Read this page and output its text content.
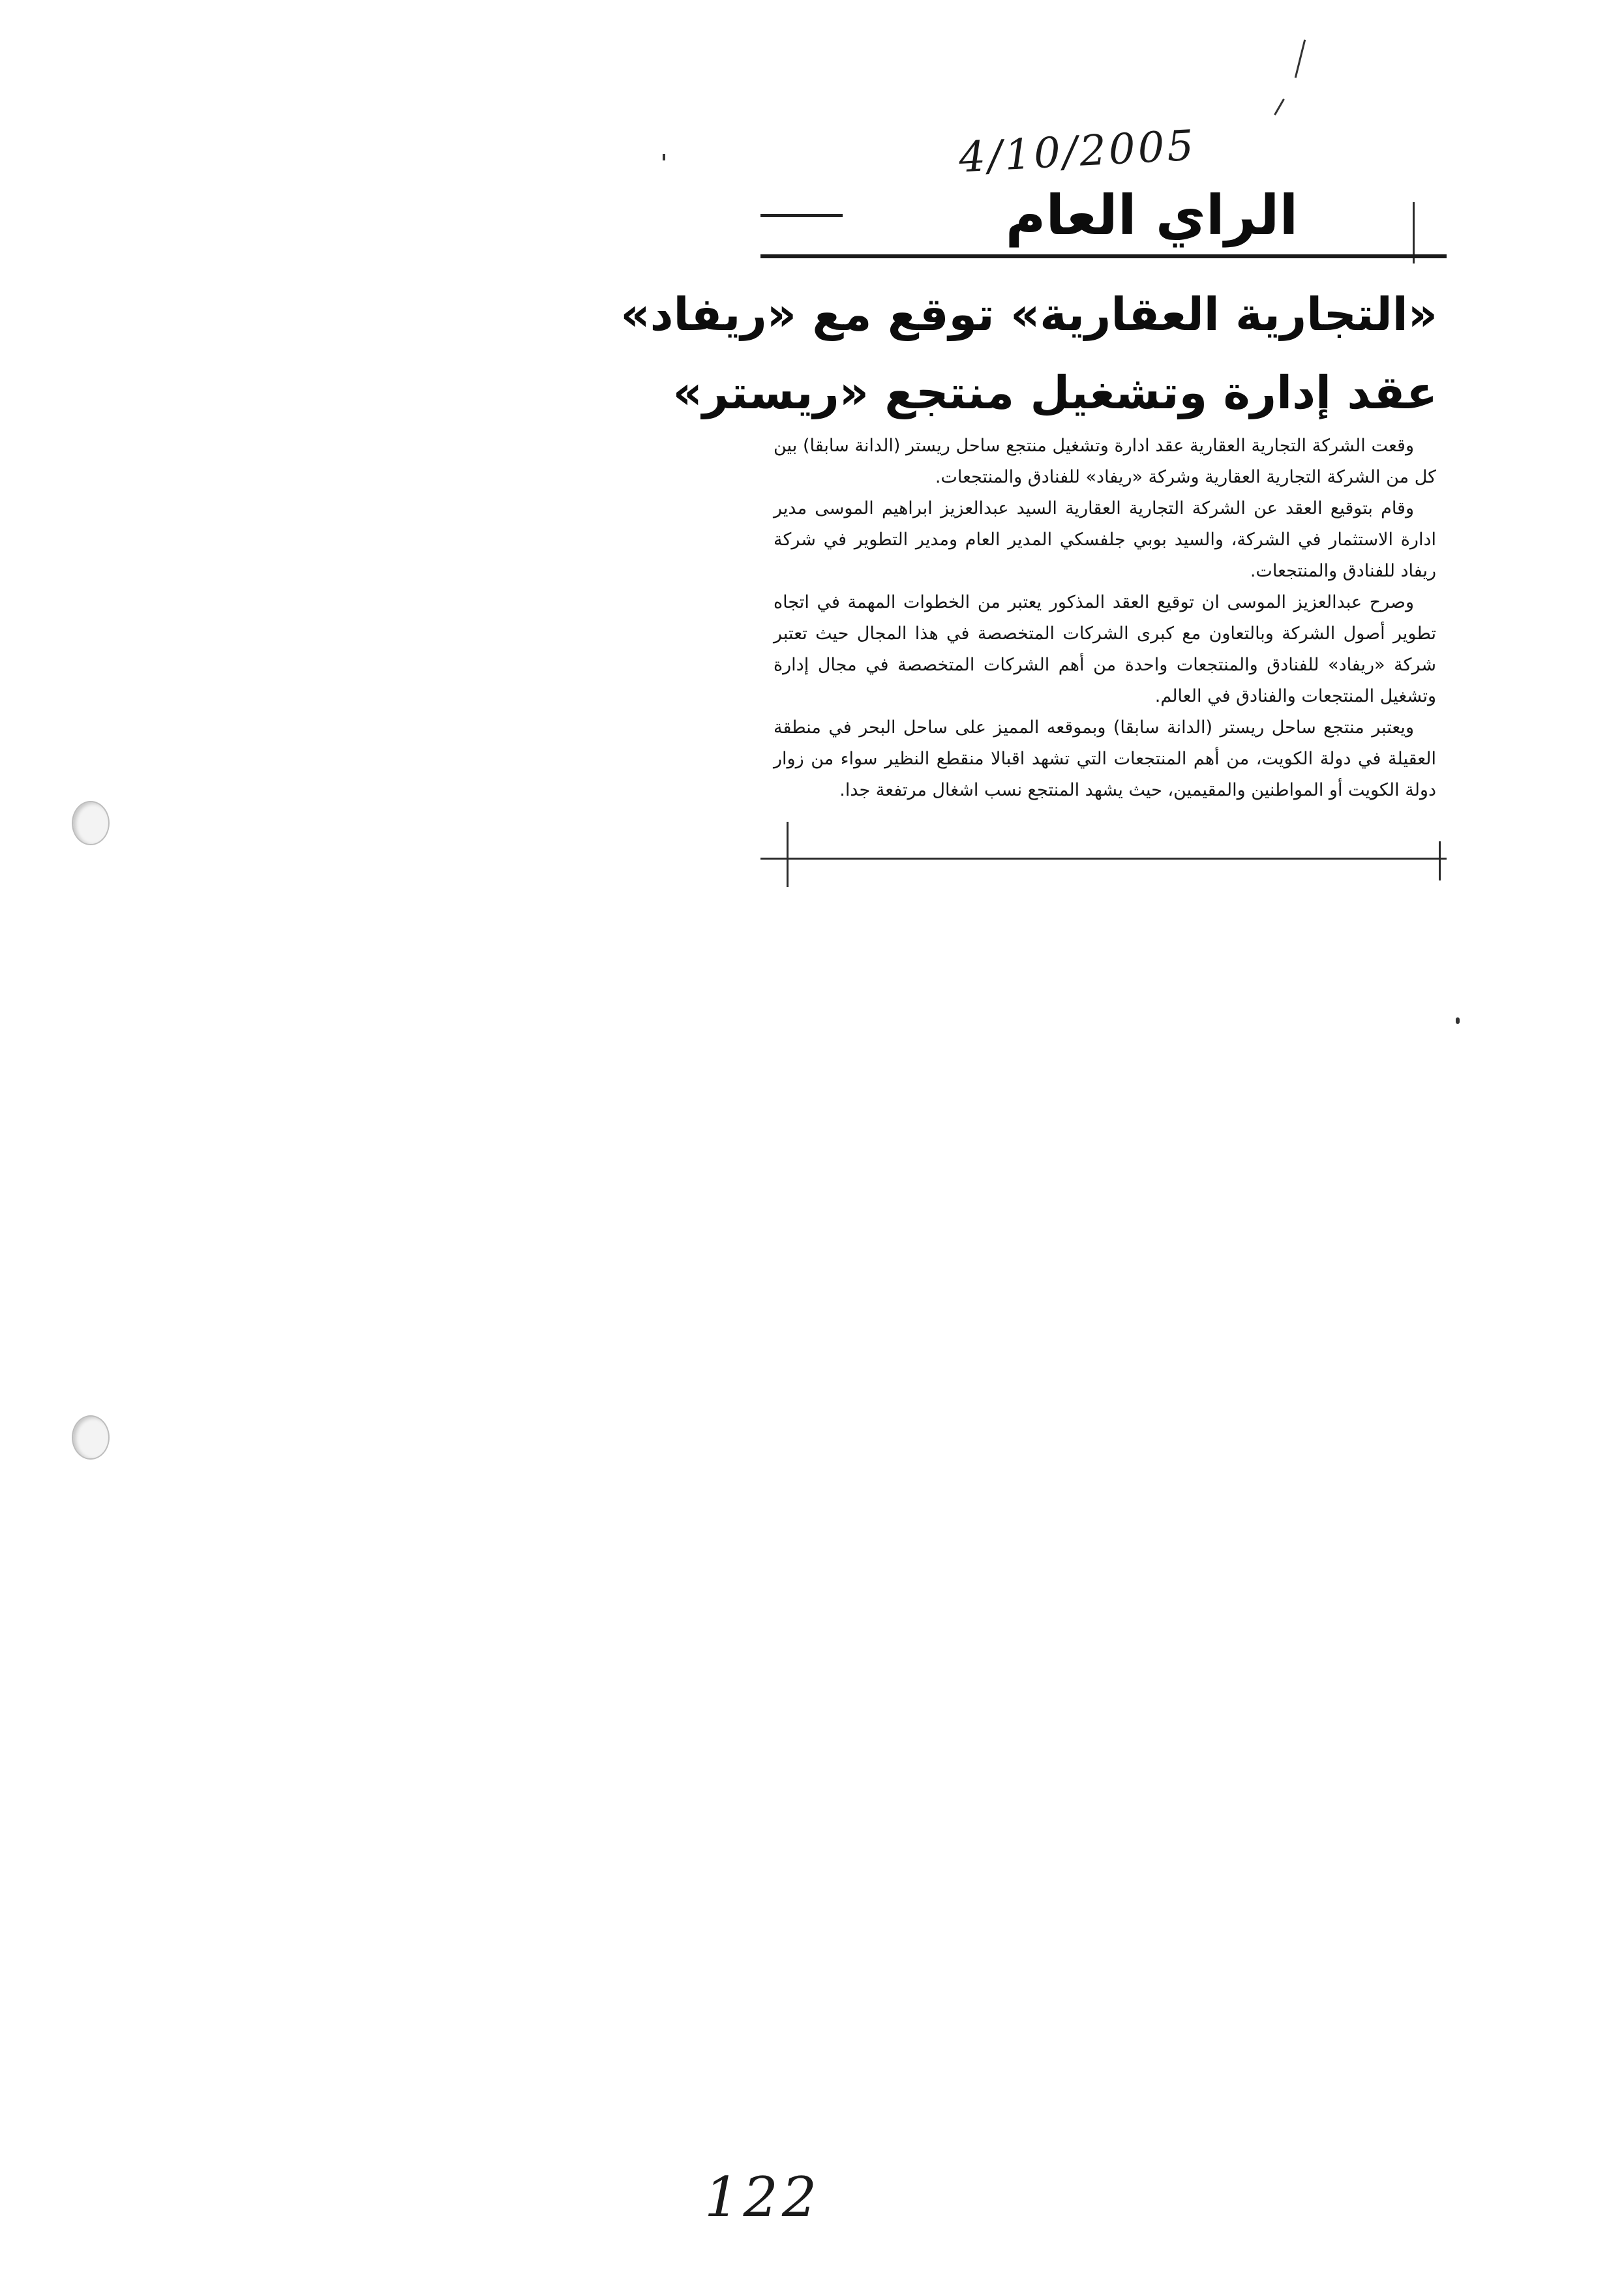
4/10/2005
الراي العام
«التجارية العقارية» توقع مع «ريفاد»
عقد إدارة وتشغيل منتجع «ريستر»

وقعت الشركة التجارية العقارية عقد ادارة وتشغيل منتجع ساحل ريستر (الدانة سابقا) بين كل من الشركة التجارية العقارية وشركة «ريفاد» للفنادق والمنتجعات.

وقام بتوقيع العقد عن الشركة التجارية العقارية السيد عبدالعزيز ابراهيم الموسى مدير ادارة الاستثمار في الشركة، والسيد بوبي جلفسكي المدير العام ومدير التطوير في شركة ريفاد للفنادق والمنتجعات.

وصرح عبدالعزيز الموسى ان توقيع العقد المذكور يعتبر من الخطوات المهمة في اتجاه تطوير أصول الشركة وبالتعاون مع كبرى الشركات المتخصصة في هذا المجال حيث تعتبر شركة «ريفاد» للفنادق والمنتجعات واحدة من أهم الشركات المتخصصة في مجال إدارة وتشغيل المنتجعات والفنادق في العالم.

ويعتبر منتجع ساحل ريستر (الدانة سابقا) وبموقعه المميز على ساحل البحر في منطقة العقيلة في دولة الكويت، من أهم المنتجعات التي تشهد اقبالا منقطع النظير سواء من زوار دولة الكويت أو المواطنين والمقيمين، حيث يشهد المنتجع نسب اشغال مرتفعة جدا.

122
